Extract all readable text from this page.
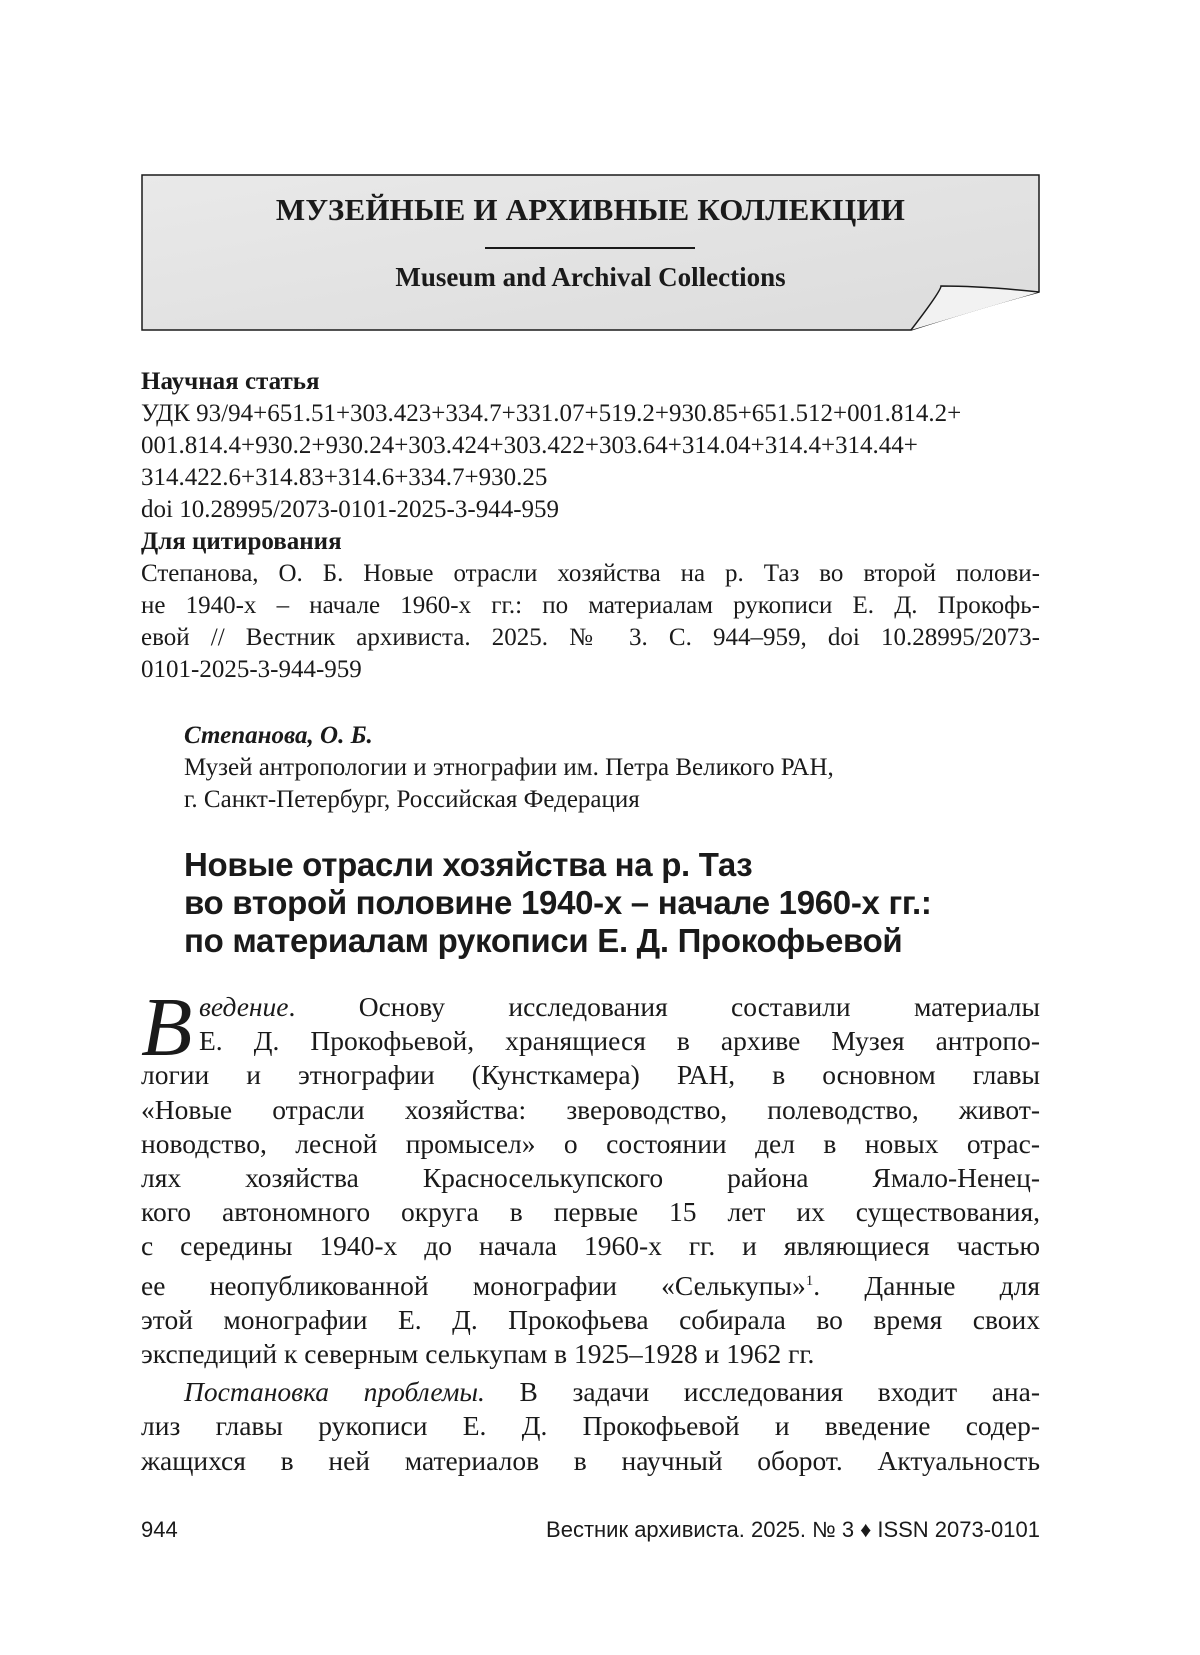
МУЗЕЙНЫЕ И АРХИВНЫЕ КОЛЛЕКЦИИ
Museum and Archival Collections
Научная статья
УДК 93/94+651.51+303.423+334.7+331.07+519.2+930.85+651.512+001.814.2+
001.814.4+930.2+930.24+303.424+303.422+303.64+314.04+314.4+314.44+
314.422.6+314.83+314.6+334.7+930.25
doi 10.28995/2073-0101-2025-3-944-959
Для цитирования
Степанова, О. Б. Новые отрасли хозяйства на р. Таз во второй полови-
не 1940-х – начале 1960-х гг.: по материалам рукописи Е. Д. Прокофь-
евой // Вестник архивиста. 2025. № 3. С. 944–959, doi 10.28995/2073-
0101-2025-3-944-959
Степанова, О. Б.
Музей антропологии и этнографии им. Петра Великого РАН,
г. Санкт-Петербург, Российская Федерация
Новые отрасли хозяйства на р. Таз
во второй половине 1940-х – начале 1960-х гг.:
по материалам рукописи Е. Д. Прокофьевой
В ведение. Основу исследования составили материалы
Е. Д. Прокофьевой, хранящиеся в архиве Музея антропо-
логии и этнографии (Кунсткамера) РАН, в основном главы
«Новые отрасли хозяйства: звероводство, полеводство, живот-
новодство, лесной промысел» о состоянии дел в новых отрас-
лях хозяйства Красноселькупского района Ямало-Ненец-
кого автономного округа в первые 15 лет их существования,
с середины 1940-х до начала 1960-х гг. и являющиеся частью
ее неопубликованной монографии «Селькупы»$^1$. Данные для
этой монографии Е. Д. Прокофьева собирала во время своих
экспедиций к северным селькупам в 1925–1928 и 1962 гг.
Постановка проблемы. В задачи исследования входит ана-
лиз главы рукописи Е. Д. Прокофьевой и введение содер-
жащихся в ней материалов в научный оборот. Актуальность
944	Вестник архивиста. 2025. № 3 ♦ ISSN 2073-0101
